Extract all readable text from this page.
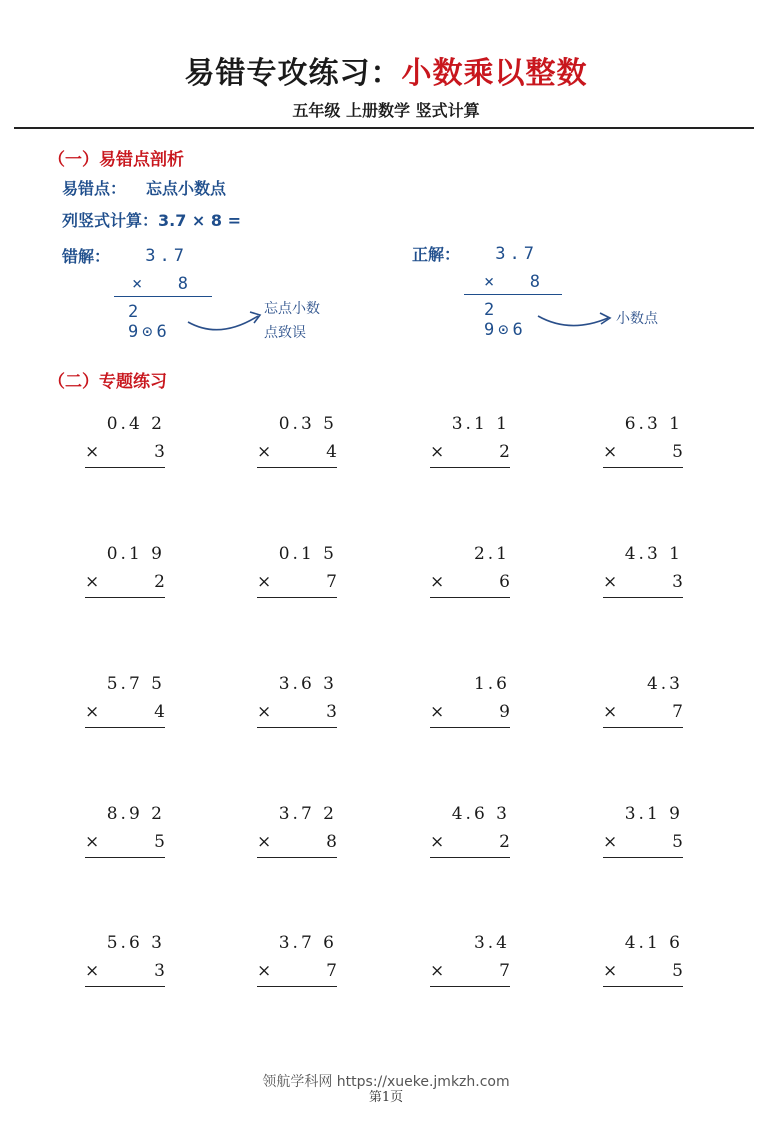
易错专攻练习：小数乘以整数
五年级 上册数学 竖式计算
（一）易错点剖析
易错点： 忘点小数点
列竖式计算：3.7 × 8 =
错解：	3.7
× 8
2 9⊙6
忘点小数
点致误
正解：	3.7
× 8
2 9⊙6
小数点
（二）专题练习
0.4 2
×	3
0.3 5
×	4
3.1 1
×	2
6.3 1
×	5
0.1 9
×	2
0.1 5
×	7
2.1
×	6
4.3 1
×	3
5.7 5
×	4
3.6 3
×	3
1.6
×	9
4.3
×	7
8.9 2
×	5
3.7 2
×	8
4.6 3
×	2
3.1 9
×	5
5.6 3
×	3
3.7 6
×	7
3.4
×	7
4.1 6
×	5
领航学科网 https://xueke.jmkzh.com
第1页
